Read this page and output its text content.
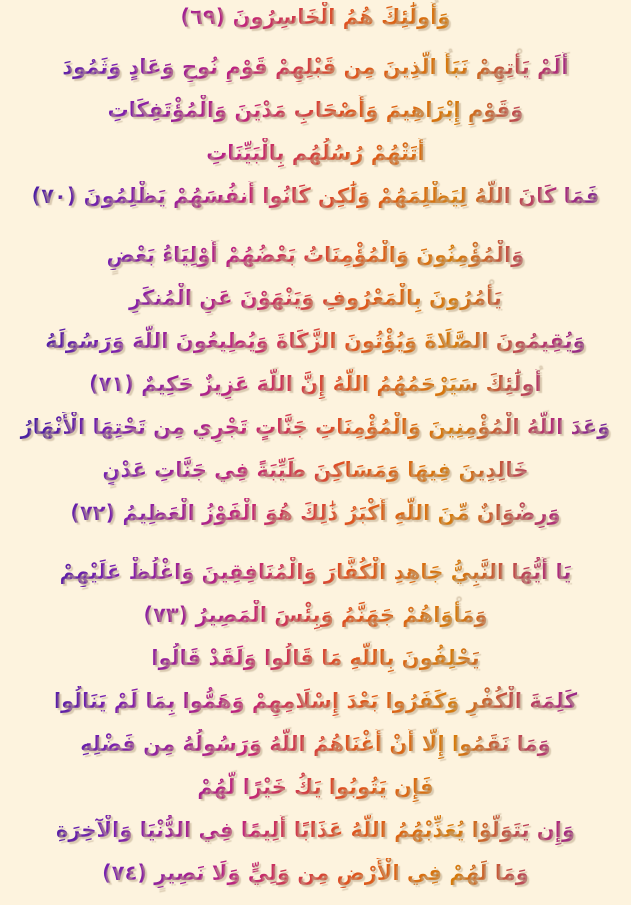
وَأُولَٰئِكَ هُمُ الْخَاسِرُونَ (٦٩)
أَلَمْ يَأْتِهِمْ نَبَأُ الَّذِينَ مِن قَبْلِهِمْ قَوْمِ نُوحٍ وَعَادٍ وَثَمُودَ
وَقَوْمِ إِبْرَاهِيمَ وَأَصْحَابِ مَدْيَنَ وَالْمُؤْتَفِكَاتِ
أَتَتْهُمْ رُسُلُهُم بِالْبَيِّنَاتِ
فَمَا كَانَ اللَّهُ لِيَظْلِمَهُمْ وَلَٰكِن كَانُوا أَنفُسَهُمْ يَظْلِمُونَ (٧٠)
وَالْمُؤْمِنُونَ وَالْمُؤْمِنَاتُ بَعْضُهُمْ أَوْلِيَاءُ بَعْضٍ
يَأْمُرُونَ بِالْمَعْرُوفِ وَيَنْهَوْنَ عَنِ الْمُنكَرِ
وَيُقِيمُونَ الصَّلَاةَ وَيُؤْتُونَ الزَّكَاةَ وَيُطِيعُونَ اللَّهَ وَرَسُولَهُ
أُولَٰئِكَ سَيَرْحَمُهُمُ اللَّهُ إِنَّ اللَّهَ عَزِيزٌ حَكِيمٌ (٧١)
وَعَدَ اللَّهُ الْمُؤْمِنِينَ وَالْمُؤْمِنَاتِ جَنَّاتٍ تَجْرِي مِن تَحْتِهَا الْأَنْهَارُ
خَالِدِينَ فِيهَا وَمَسَاكِنَ طَيِّبَةً فِي جَنَّاتِ عَدْنٍ
وَرِضْوَانٌ مِّنَ اللَّهِ أَكْبَرُ ذَٰلِكَ هُوَ الْفَوْزُ الْعَظِيمُ (٧٢)
يَا أَيُّهَا النَّبِيُّ جَاهِدِ الْكُفَّارَ وَالْمُنَافِقِينَ وَاغْلُظْ عَلَيْهِمْ
وَمَأْوَاهُمْ جَهَنَّمُ وَبِئْسَ الْمَصِيرُ (٧٣)
يَحْلِفُونَ بِاللَّهِ مَا قَالُوا وَلَقَدْ قَالُوا
كَلِمَةَ الْكُفْرِ وَكَفَرُوا بَعْدَ إِسْلَامِهِمْ وَهَمُّوا بِمَا لَمْ يَنَالُوا
وَمَا نَقَمُوا إِلَّا أَنْ أَغْنَاهُمُ اللَّهُ وَرَسُولُهُ مِن فَضْلِهِ
فَإِن يَتُوبُوا يَكُ خَيْرًا لَّهُمْ
وَإِن يَتَوَلَّوْا يُعَذِّبْهُمُ اللَّهُ عَذَابًا أَلِيمًا فِي الدُّنْيَا وَالْآخِرَةِ
وَمَا لَهُمْ فِي الْأَرْضِ مِن وَلِيٍّ وَلَا نَصِيرٍ (٧٤)
